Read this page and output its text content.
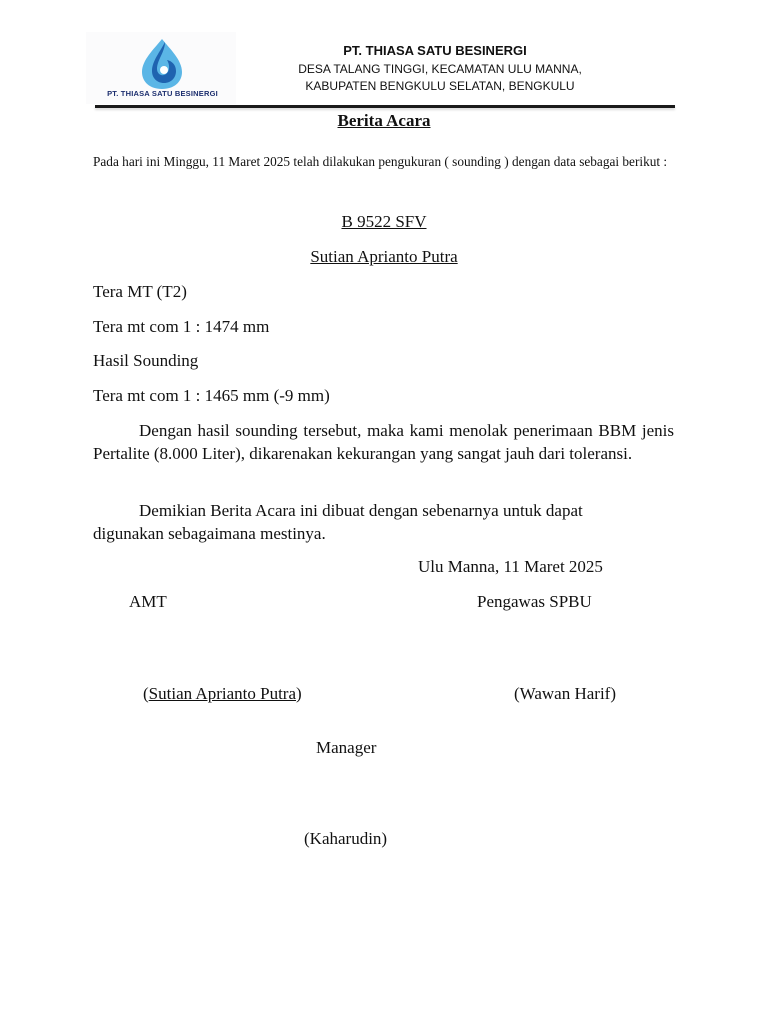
PT. THIASA SATU BESINERGI
PT. THIASA SATU BESINERGI
DESA TALANG TINGGI, KECAMATAN ULU MANNA,
KABUPATEN BENGKULU SELATAN, BENGKULU
Berita Acara
Pada hari ini Minggu, 11 Maret 2025 telah dilakukan pengukuran ( sounding ) dengan data sebagai berikut :
B 9522 SFV
Sutian Aprianto Putra
Tera MT (T2)
Tera mt com 1 : 1474 mm
Hasil Sounding
Tera mt com 1 : 1465 mm (-9 mm)
Dengan hasil sounding tersebut, maka kami menolak penerimaan BBM jenis Pertalite (8.000 Liter), dikarenakan kekurangan yang sangat jauh dari toleransi.
Demikian Berita Acara ini dibuat dengan sebenarnya untuk dapat digunakan sebagaimana mestinya.
Ulu Manna, 11 Maret 2025
AMT	Pengawas SPBU
(Sutian Aprianto Putra)	(Wawan Harif)
Manager
(Kaharudin)
